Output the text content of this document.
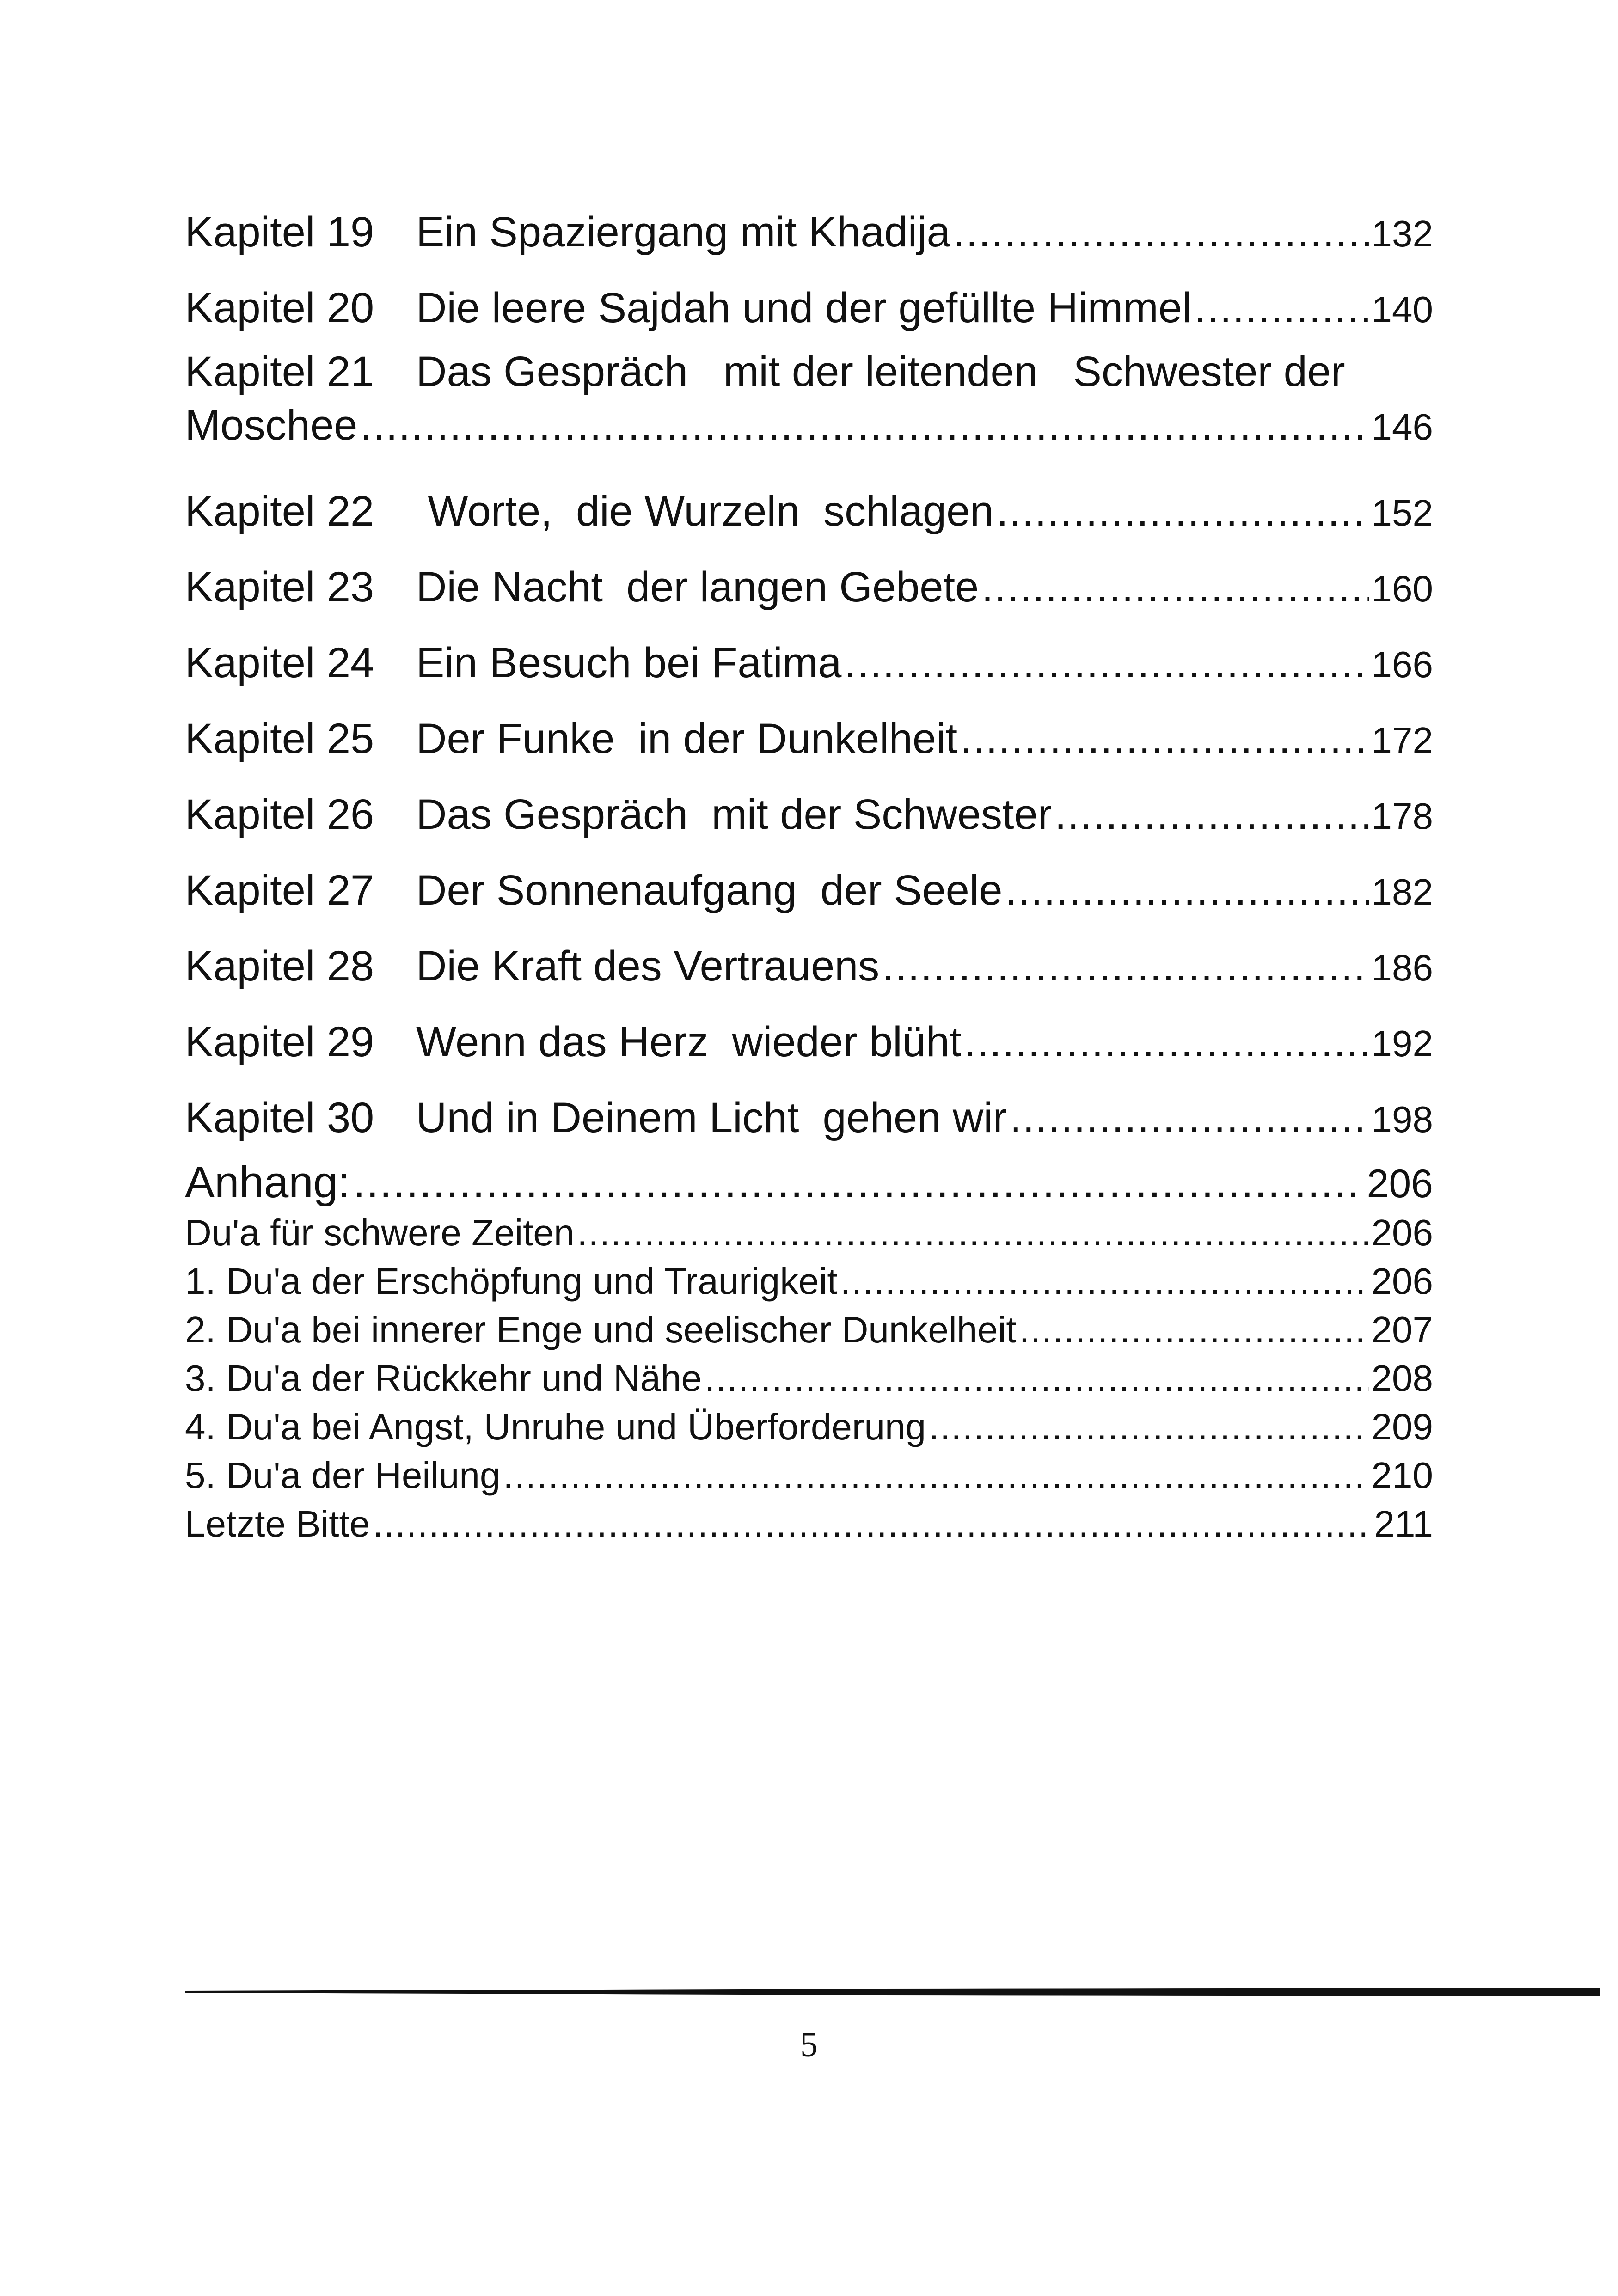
Kapitel 19 Ein Spaziergang mit Khadija .....	132
Kapitel 20 Die leere Sajdah und der gefüllte Himmel .....	140
Kapitel 21 Das Gespräch   mit der leitenden   Schwester der
Moschee .....	146
Kapitel 22 Worte,  die Wurzeln  schlagen .....	152
Kapitel 23 Die Nacht  der langen Gebete .....	160
Kapitel 24 Ein Besuch bei Fatima .....	166
Kapitel 25 Der Funke  in der Dunkelheit .....	172
Kapitel 26 Das Gespräch  mit der Schwester .....	178
Kapitel 27 Der Sonnenaufgang  der Seele .....	182
Kapitel 28 Die Kraft des Vertrauens .....	186
Kapitel 29 Wenn das Herz  wieder blüht .....	192
Kapitel 30 Und in Deinem Licht  gehen wir .....	198
Anhang: .....	206
Du'a für schwere Zeiten .....	206
1. Du'a der Erschöpfung und Traurigkeit .....	206
2. Du'a bei innerer Enge und seelischer Dunkelheit .....	207
3. Du'a der Rückkehr und Nähe .....	208
4. Du'a bei Angst, Unruhe und Überforderung .....	209
5. Du'a der Heilung .....	210
Letzte Bitte .....	211
5
